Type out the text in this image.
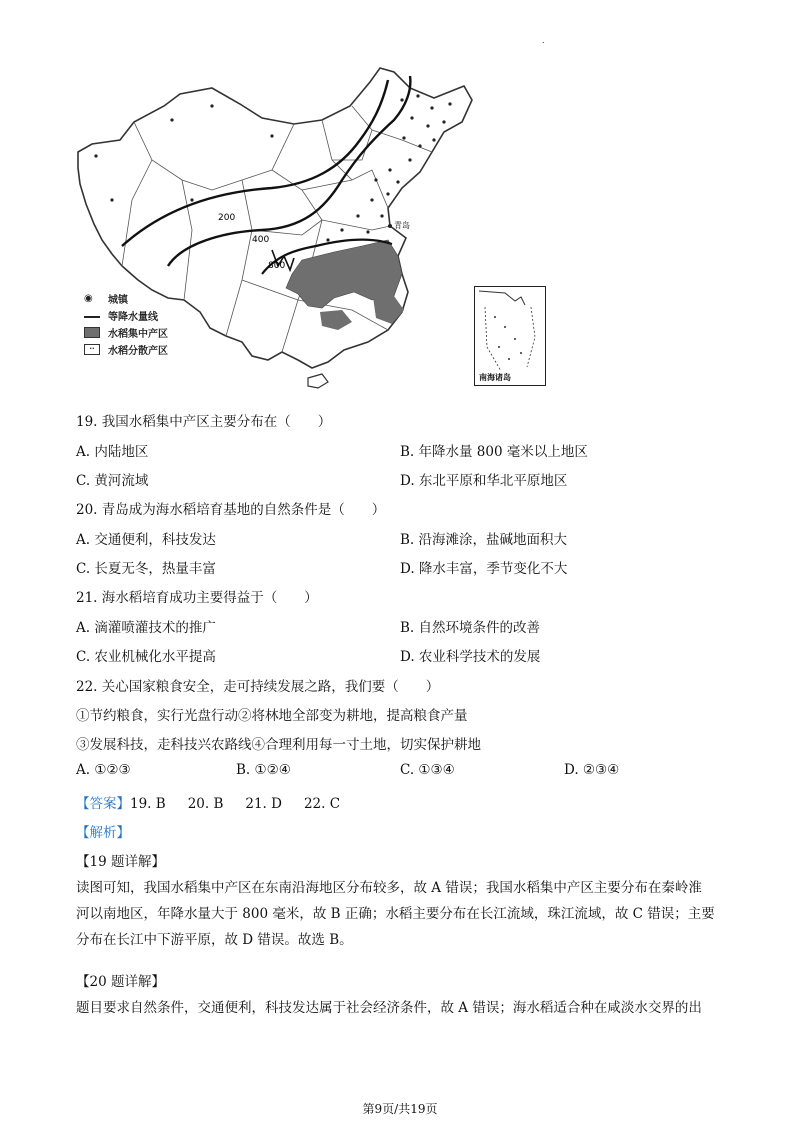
.
200
400
800
青岛
◉	城镇
等降水量线
水稻集中产区
··	水稻分散产区
南海诸岛
19. 我国水稻集中产区主要分布在（　　）
A. 内陆地区	B. 年降水量 800 毫米以上地区
C. 黄河流域	D. 东北平原和华北平原地区
20. 青岛成为海水稻培育基地的自然条件是（　　）
A. 交通便利，科技发达	B. 沿海滩涂，盐碱地面积大
C. 长夏无冬，热量丰富	D. 降水丰富，季节变化不大
21. 海水稻培育成功主要得益于（　　）
A. 滴灌喷灌技术的推广	B. 自然环境条件的改善
C. 农业机械化水平提高	D. 农业科学技术的发展
22. 关心国家粮食安全，走可持续发展之路，我们要（　　）
①节约粮食，实行光盘行动②将林地全部变为耕地，提高粮食产量
③发展科技，走科技兴农路线④合理利用每一寸土地，切实保护耕地
A. ①②③	B. ①②④	C. ①③④	D. ②③④
【答案】19. B 20. B 21. D 22. C
【解析】
【19 题详解】
读图可知，我国水稻集中产区在东南沿海地区分布较多，故 A 错误；我国水稻集中产区主要分布在秦岭淮
河以南地区，年降水量大于 800 毫米，故 B 正确；水稻主要分布在长江流域，珠江流域，故 C 错误；主要
分布在长江中下游平原，故 D 错误。故选 B。
【20 题详解】
题目要求自然条件，交通便利，科技发达属于社会经济条件，故 A 错误；海水稻适合种在咸淡水交界的出
第9页/共19页
